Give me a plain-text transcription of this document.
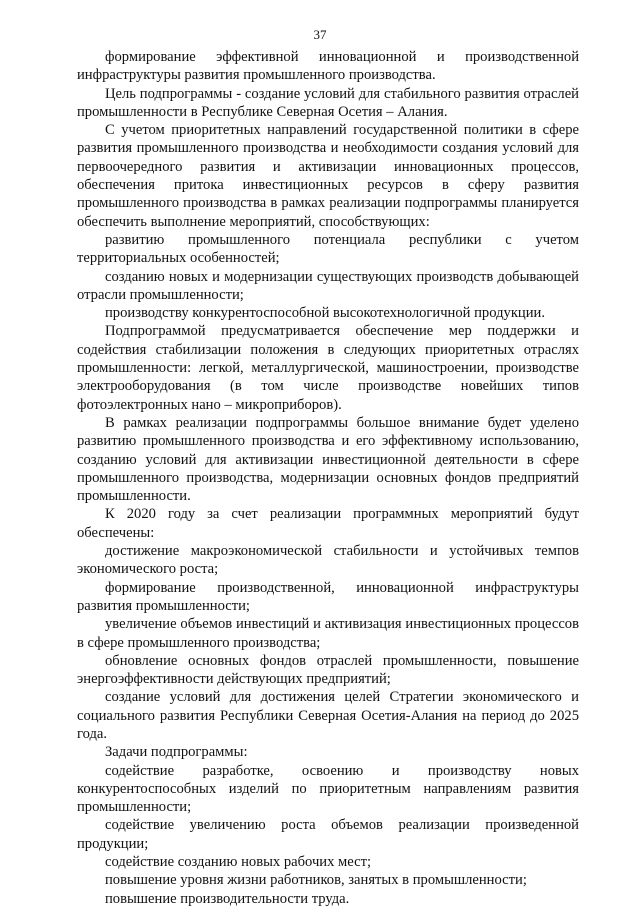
37

формирование эффективной инновационной и производственной инфраструктуры развития промышленного производства.

Цель подпрограммы - создание условий для стабильного развития отраслей промышленности в Республике Северная Осетия – Алания.

С учетом приоритетных направлений государственной политики в сфере развития промышленного производства и необходимости создания условий для первоочередного развития и активизации инновационных процессов, обеспечения притока инвестиционных ресурсов в сферу развития промышленного производства в рамках реализации подпрограммы планируется обеспечить выполнение мероприятий, способствующих:

развитию промышленного потенциала республики с учетом территориальных особенностей;

созданию новых и модернизации существующих производств добывающей отрасли промышленности;

производству конкурентоспособной высокотехнологичной продукции.

Подпрограммой предусматривается обеспечение мер поддержки и содействия стабилизации положения в следующих приоритетных отраслях промышленности: легкой, металлургической, машиностроении, производстве электрооборудования (в том числе производстве новейших типов фотоэлектронных нано – микроприборов).

В рамках реализации подпрограммы большое внимание будет уделено развитию промышленного производства и его эффективному использованию, созданию условий для активизации инвестиционной деятельности в сфере промышленного производства, модернизации основных фондов предприятий промышленности.

К 2020 году за счет реализации программных мероприятий будут обеспечены:

достижение макроэкономической стабильности и устойчивых темпов экономического роста;

формирование производственной, инновационной инфраструктуры развития промышленности;

увеличение объемов инвестиций и активизация инвестиционных процессов в сфере промышленного производства;

обновление основных фондов отраслей промышленности, повышение энергоэффективности действующих предприятий;

создание условий для достижения целей Стратегии экономического и социального развития Республики Северная Осетия-Алания на период до 2025 года.

Задачи подпрограммы:

содействие разработке, освоению и производству новых конкурентоспособных изделий по приоритетным направлениям развития промышленности;

содействие увеличению роста объемов реализации произведенной продукции;

содействие созданию новых рабочих мест;

повышение уровня жизни работников, занятых в промышленности;

повышение производительности труда.
